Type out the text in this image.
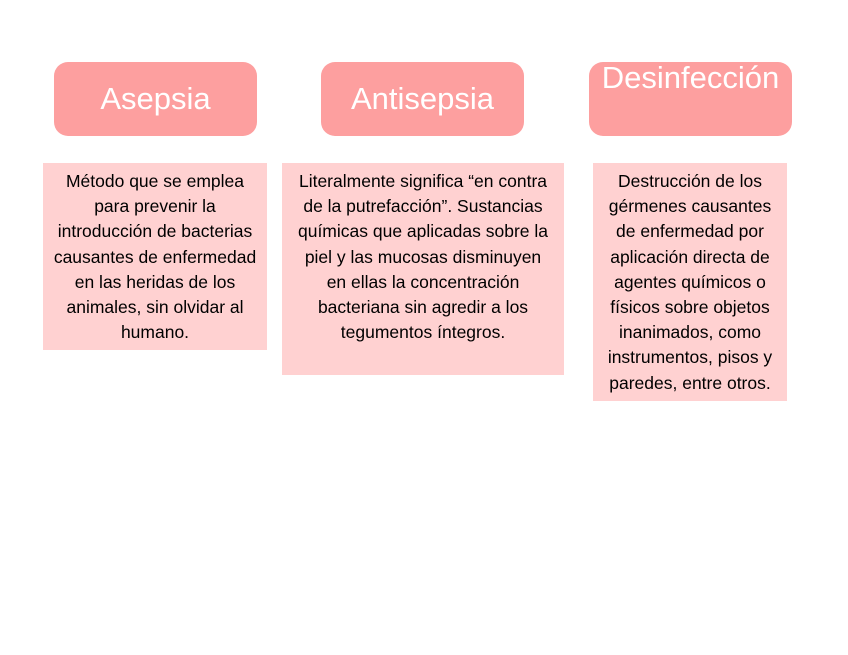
Asepsia	Antisepsia
Desinfección
Método que se emplea para prevenir la introducción de bacterias causantes de enfermedad en las heridas de los animales, sin olvidar al humano.
Literalmente significa “en contra de la putrefacción”. Sustancias químicas que aplicadas sobre la piel y las mucosas disminuyen en ellas la concentración bacteriana sin agredir a los tegumentos íntegros.
Destrucción de los gérmenes causantes de enfermedad por aplicación directa de agentes químicos o físicos sobre objetos inanimados, como instrumentos, pisos y paredes, entre otros.
